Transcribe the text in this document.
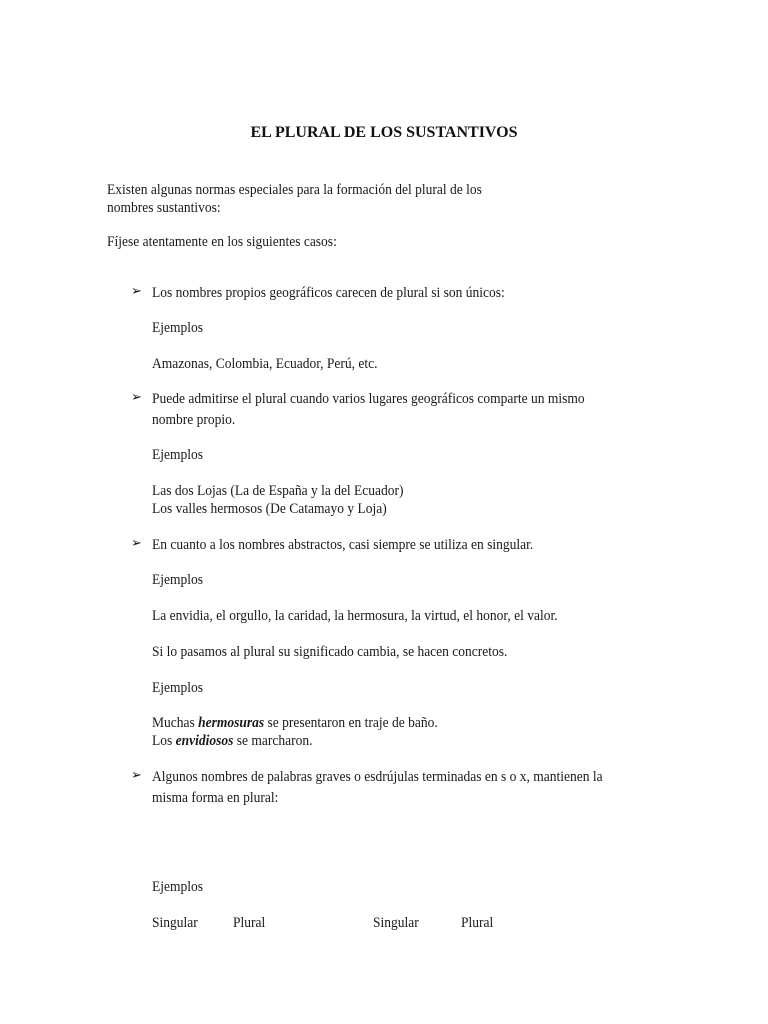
EL PLURAL DE LOS SUSTANTIVOS
Existen algunas normas especiales para la formación del plural de los
nombres sustantivos:
Fíjese atentamente en los siguientes casos:
➢ Los nombres propios geográficos carecen de plural si son únicos:
Ejemplos
Amazonas, Colombia, Ecuador, Perú, etc.
➢ Puede admitirse el plural cuando varios lugares geográficos comparte un mismo
nombre propio.
Ejemplos
Las dos Lojas (La de España y la del Ecuador)
Los valles hermosos (De Catamayo y Loja)
➢ En cuanto a los nombres abstractos, casi siempre se utiliza en singular.
Ejemplos
La envidia, el orgullo, la caridad, la hermosura, la virtud, el honor, el valor.
Si lo pasamos al plural su significado cambia, se hacen concretos.
Ejemplos
Muchas hermosuras se presentaron en traje de baño.
Los envidiosos se marcharon.
➢ Algunos nombres de palabras graves o esdrújulas terminadas en s o x, mantienen la
misma forma en plural:
Ejemplos
Singular Plural	Singular	Plural
